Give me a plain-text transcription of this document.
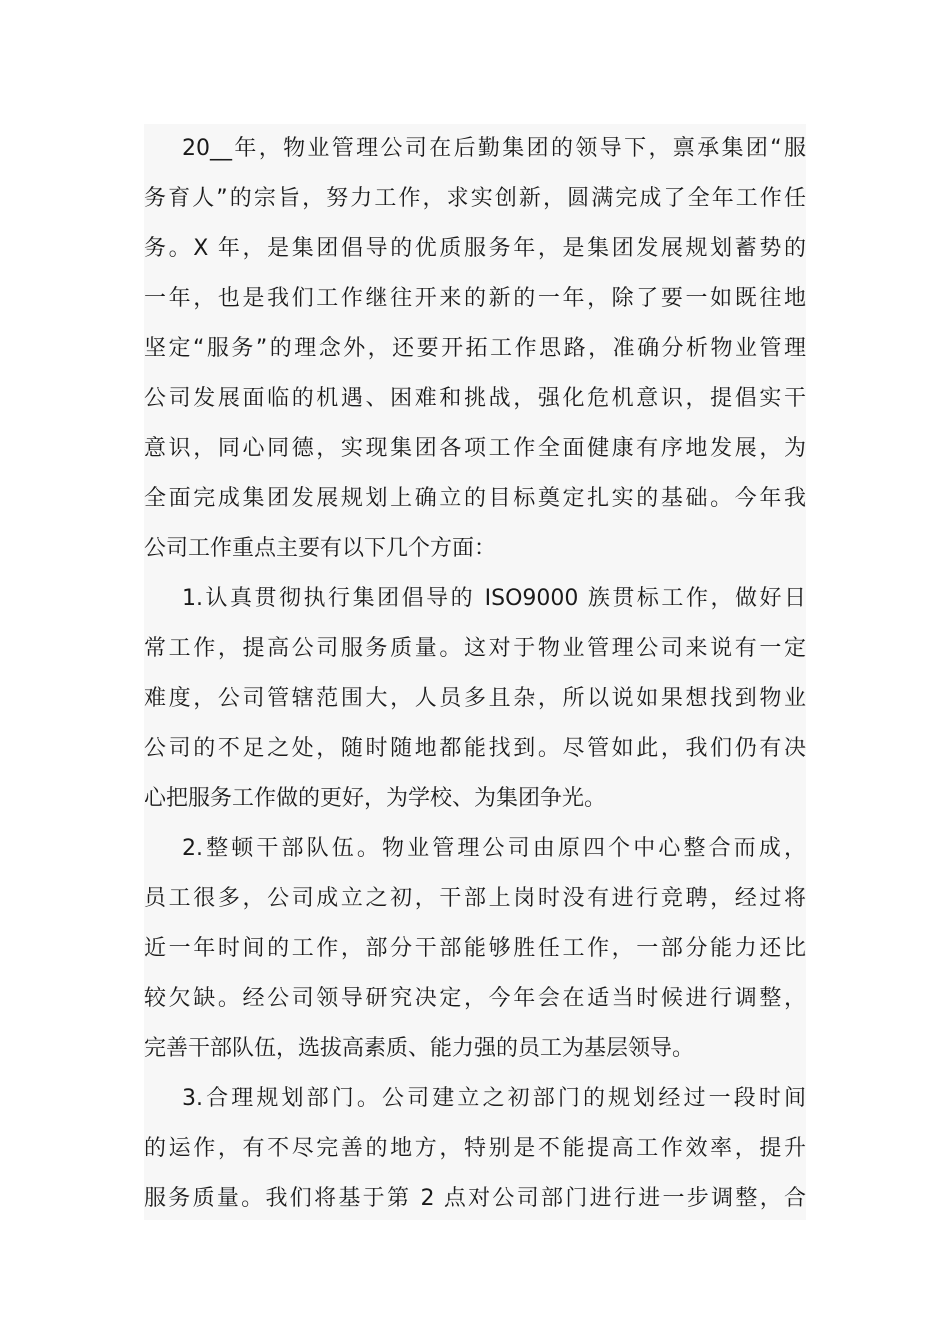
20__年，物业管理公司在后勤集团的领导下，禀承集团“服
务育人”的宗旨，努力工作，求实创新，圆满完成了全年工作任
务。X 年，是集团倡导的优质服务年，是集团发展规划蓄势的
一年，也是我们工作继往开来的新的一年，除了要一如既往地
坚定“服务”的理念外，还要开拓工作思路，准确分析物业管理
公司发展面临的机遇、困难和挑战，强化危机意识，提倡实干
意识，同心同德，实现集团各项工作全面健康有序地发展，为
全面完成集团发展规划上确立的目标奠定扎实的基础。今年我
公司工作重点主要有以下几个方面：
1.认真贯彻执行集团倡导的 ISO9000 族贯标工作，做好日
常工作，提高公司服务质量。这对于物业管理公司来说有一定
难度，公司管辖范围大，人员多且杂，所以说如果想找到物业
公司的不足之处，随时随地都能找到。尽管如此，我们仍有决
心把服务工作做的更好，为学校、为集团争光。
2.整顿干部队伍。物业管理公司由原四个中心整合而成，
员工很多，公司成立之初，干部上岗时没有进行竞聘，经过将
近一年时间的工作，部分干部能够胜任工作，一部分能力还比
较欠缺。经公司领导研究决定，今年会在适当时候进行调整，
完善干部队伍，选拔高素质、能力强的员工为基层领导。
3.合理规划部门。公司建立之初部门的规划经过一段时间
的运作，有不尽完善的地方，特别是不能提高工作效率，提升
服务质量。我们将基于第 2 点对公司部门进行进一步调整，合
